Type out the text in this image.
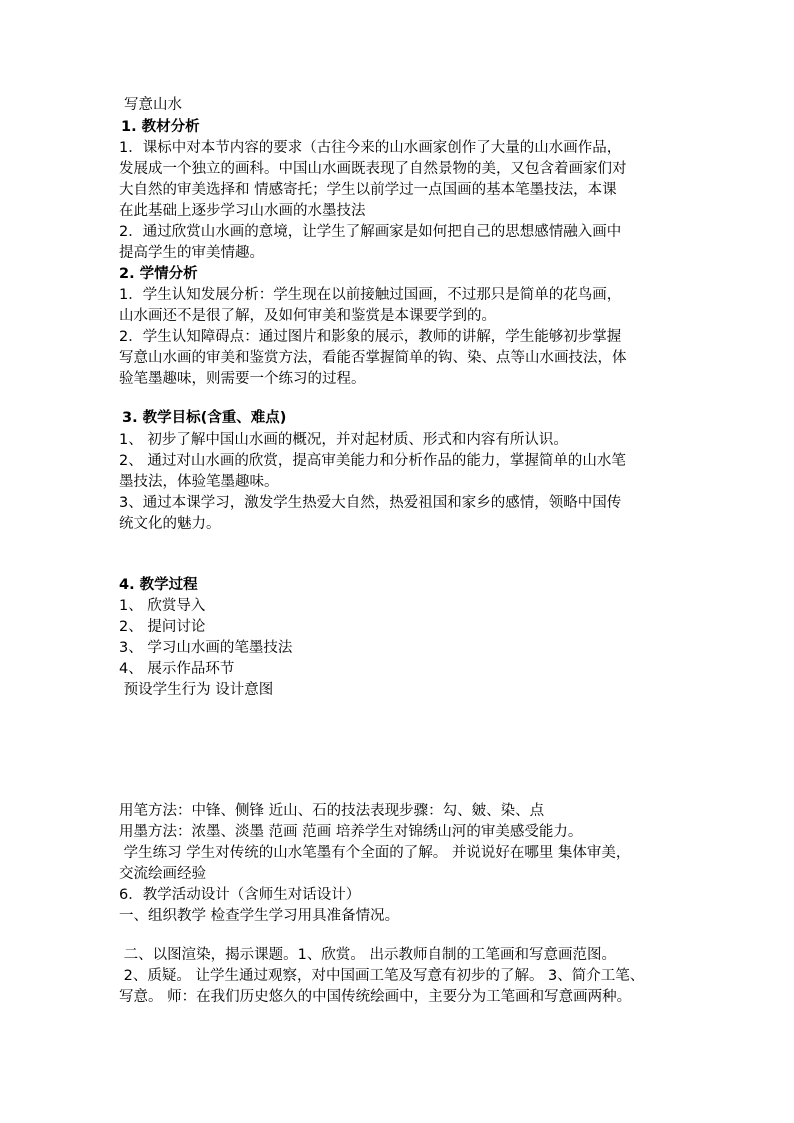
写意山水
1. 教材分析
1．课标中对本节内容的要求（古往今来的山水画家创作了大量的山水画作品，
发展成一个独立的画科。中国山水画既表现了自然景物的美，又包含着画家们对
大自然的审美选择和 情感寄托；学生以前学过一点国画的基本笔墨技法，本课
在此基础上逐步学习山水画的水墨技法
2．通过欣赏山水画的意境，让学生了解画家是如何把自己的思想感情融入画中
提高学生的审美情趣。
2. 学情分析
1．学生认知发展分析：学生现在以前接触过国画，不过那只是简单的花鸟画，
山水画还不是很了解，及如何审美和鉴赏是本课要学到的。
2．学生认知障碍点：通过图片和影象的展示，教师的讲解，学生能够初步掌握
写意山水画的审美和鉴赏方法，看能否掌握简单的钩、染、点等山水画技法，体
验笔墨趣味，则需要一个练习的过程。
3. 教学目标(含重、难点)
1、 初步了解中国山水画的概况，并对起材质、形式和内容有所认识。
2、 通过对山水画的欣赏，提高审美能力和分析作品的能力，掌握简单的山水笔
墨技法，体验笔墨趣味。
3、通过本课学习，激发学生热爱大自然，热爱祖国和家乡的感情，领略中国传
统文化的魅力。
4. 教学过程
1、 欣赏导入
2、 提问讨论
3、 学习山水画的笔墨技法
4、 展示作品环节
预设学生行为 设计意图
用笔方法：中锋、侧锋 近山、石的技法表现步骤：勾、皴、染、点
用墨方法：浓墨、淡墨 范画 范画 培养学生对锦绣山河的审美感受能力。
学生练习 学生对传统的山水笔墨有个全面的了解。 并说说好在哪里 集体审美，
交流绘画经验
6．教学活动设计（含师生对话设计）
一、组织教学 检查学生学习用具准备情况。
二、以图渲染，揭示课题。1、欣赏。 出示教师自制的工笔画和写意画范图。
2、质疑。 让学生通过观察，对中国画工笔及写意有初步的了解。 3、简介工笔、
写意。 师：在我们历史悠久的中国传统绘画中，主要分为工笔画和写意画两种。
